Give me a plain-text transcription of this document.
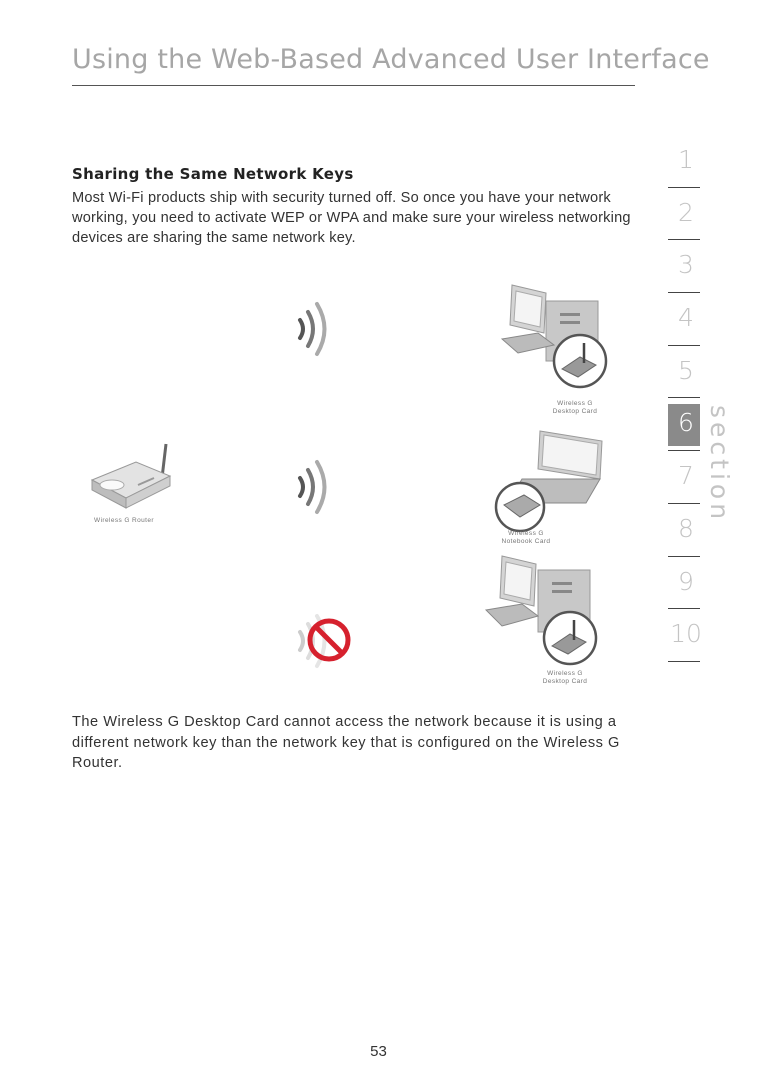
Using the Web-Based Advanced User Interface
Sharing the Same Network Keys
Most Wi-Fi products ship with security turned off. So once you have your network working, you need to activate WEP or WPA and make sure your wireless networking devices are sharing the same network key.
Wireless G Router
Wireless G
Desktop Card
Wireless G
Notebook Card
Wireless G
Desktop Card
The Wireless G Desktop Card cannot access the network because it is using a different network key than the network key that is configured on the Wireless G Router.
1
2
3
4
5
6
7
8
9
10
section
53
